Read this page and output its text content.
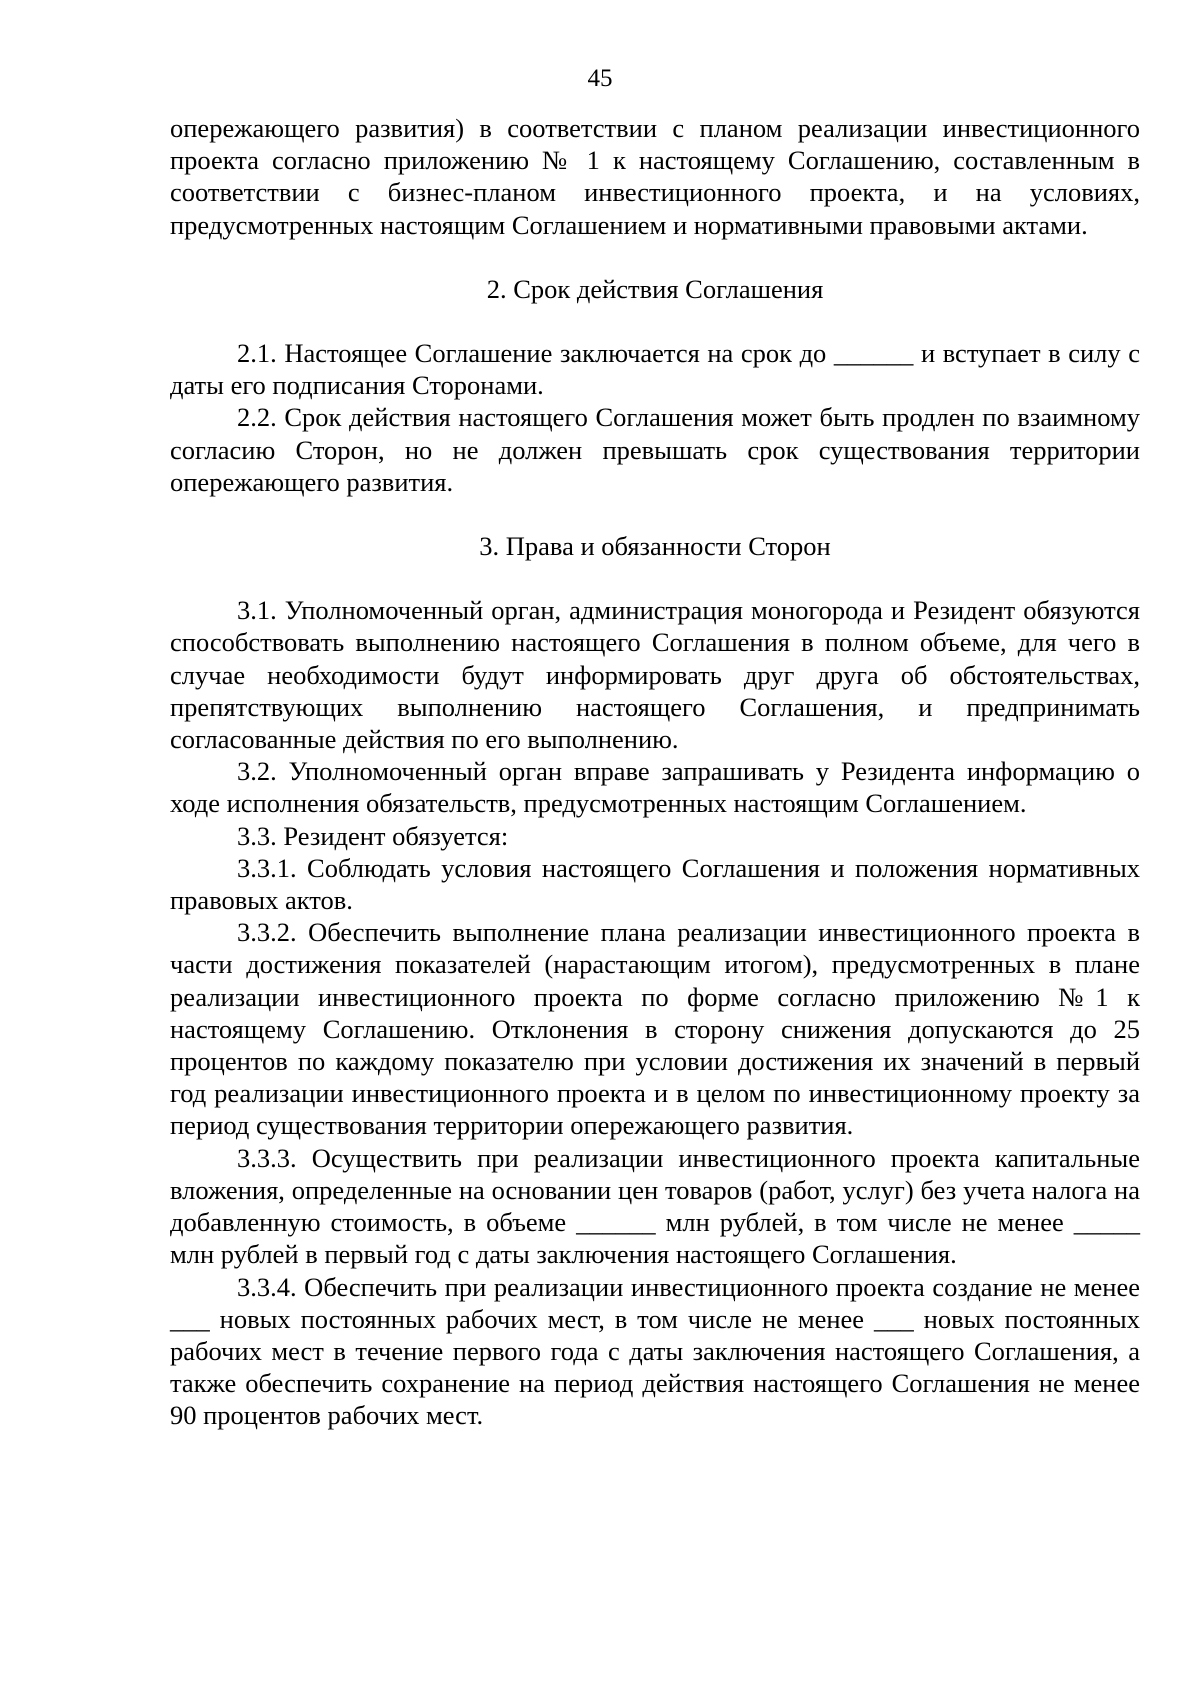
45

опережающего развития) в соответствии с планом реализации инвестиционного проекта согласно приложению № 1 к настоящему Соглашению, составленным в соответствии с бизнес-планом инвестиционного проекта, и на условиях, предусмотренных настоящим Соглашением и нормативными правовыми актами.

2. Срок действия Соглашения

2.1. Настоящее Соглашение заключается на срок до ______ и вступает в силу с даты его подписания Сторонами.

2.2. Срок действия настоящего Соглашения может быть продлен по взаимному согласию Сторон, но не должен превышать срок существования территории опережающего развития.

3. Права и обязанности Сторон

3.1. Уполномоченный орган, администрация моногорода и Резидент обязуются способствовать выполнению настоящего Соглашения в полном объеме, для чего в случае необходимости будут информировать друг друга об обстоятельствах, препятствующих выполнению настоящего Соглашения, и предпринимать согласованные действия по его выполнению.

3.2. Уполномоченный орган вправе запрашивать у Резидента информацию о ходе исполнения обязательств, предусмотренных настоящим Соглашением.

3.3. Резидент обязуется:

3.3.1. Соблюдать условия настоящего Соглашения и положения нормативных правовых актов.

3.3.2. Обеспечить выполнение плана реализации инвестиционного проекта в части достижения показателей (нарастающим итогом), предусмотренных в плане реализации инвестиционного проекта по форме согласно приложению №1 к настоящему Соглашению. Отклонения в сторону снижения допускаются до 25 процентов по каждому показателю при условии достижения их значений в первый год реализации инвестиционного проекта и в целом по инвестиционному проекту за период существования территории опережающего развития.

3.3.3. Осуществить при реализации инвестиционного проекта капитальные вложения, определенные на основании цен товаров (работ, услуг) без учета налога на добавленную стоимость, в объеме ______ млн рублей, в том числе не менее _____ млн рублей в первый год с даты заключения настоящего Соглашения.

3.3.4. Обеспечить при реализации инвестиционного проекта создание не менее ___ новых постоянных рабочих мест, в том числе не менее ___ новых постоянных рабочих мест в течение первого года с даты заключения настоящего Соглашения, а также обеспечить сохранение на период действия настоящего Соглашения не менее 90 процентов рабочих мест.
